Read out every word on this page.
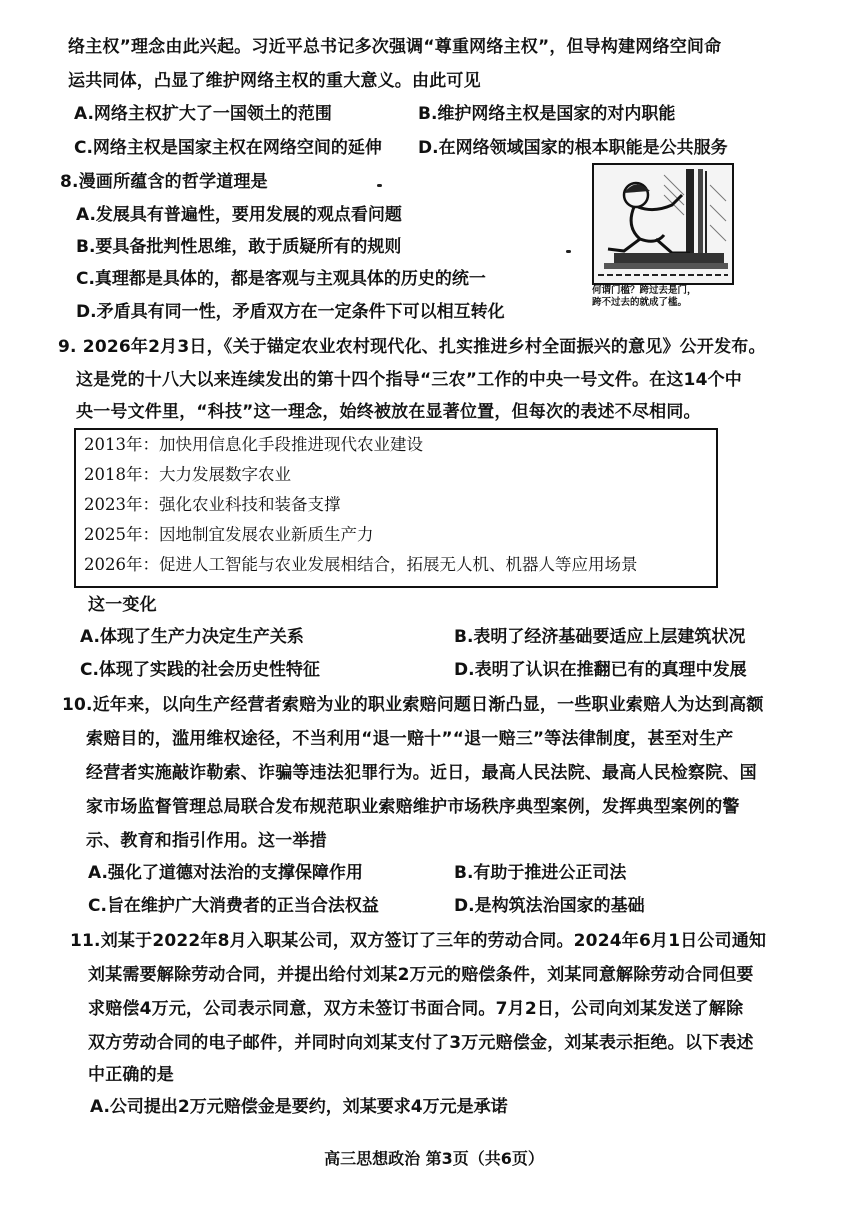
络主权”理念由此兴起。习近平总书记多次强调“尊重网络主权”，但导构建网络空间命
运共同体，凸显了维护网络主权的重大意义。由此可见
A.网络主权扩大了一国领土的范围	B.维护网络主权是国家的对内职能
C.网络主权是国家主权在网络空间的延伸 D.在网络领域国家的根本职能是公共服务
8.漫画所蕴含的哲学道理是
A.发展具有普遍性，要用发展的观点看问题
B.要具备批判性思维，敢于质疑所有的规则
C.真理都是具体的，都是客观与主观具体的历史的统一
D.矛盾具有同一性，矛盾双方在一定条件下可以相互转化
何谓门槛？跨过去是门，
跨不过去的就成了槛。
9. 2026年2月3日，《关于锚定农业农村现代化、扎实推进乡村全面振兴的意见》公开发布。
这是党的十八大以来连续发出的第十四个指导“三农”工作的中央一号文件。在这14个中
央一号文件里，“科技”这一理念，始终被放在显著位置，但每次的表述不尽相同。
2013年：加快用信息化手段推进现代农业建设
2018年：大力发展数字农业
2023年：强化农业科技和装备支撑
2025年：因地制宜发展农业新质生产力
2026年：促进人工智能与农业发展相结合，拓展无人机、机器人等应用场景
这一变化
A.体现了生产力决定生产关系	B.表明了经济基础要适应上层建筑状况
C.体现了实践的社会历史性特征	D.表明了认识在推翻已有的真理中发展
10.近年来，以向生产经营者索赔为业的职业索赔问题日渐凸显，一些职业索赔人为达到高额
索赔目的，滥用维权途径，不当利用“退一赔十”“退一赔三”等法律制度，甚至对生产
经营者实施敲诈勒索、诈骗等违法犯罪行为。近日，最高人民法院、最高人民检察院、国
家市场监督管理总局联合发布规范职业索赔维护市场秩序典型案例，发挥典型案例的警
示、教育和指引作用。这一举措
A.强化了道德对法治的支撑保障作用	B.有助于推进公正司法
C.旨在维护广大消费者的正当合法权益	D.是构筑法治国家的基础
11.刘某于2022年8月入职某公司，双方签订了三年的劳动合同。2024年6月1日公司通知
刘某需要解除劳动合同，并提出给付刘某2万元的赔偿条件，刘某同意解除劳动合同但要
求赔偿4万元，公司表示同意，双方未签订书面合同。7月2日，公司向刘某发送了解除
双方劳动合同的电子邮件，并同时向刘某支付了3万元赔偿金，刘某表示拒绝。以下表述
中正确的是
A.公司提出2万元赔偿金是要约，刘某要求4万元是承诺
高三思想政治 第3页（共6页）
